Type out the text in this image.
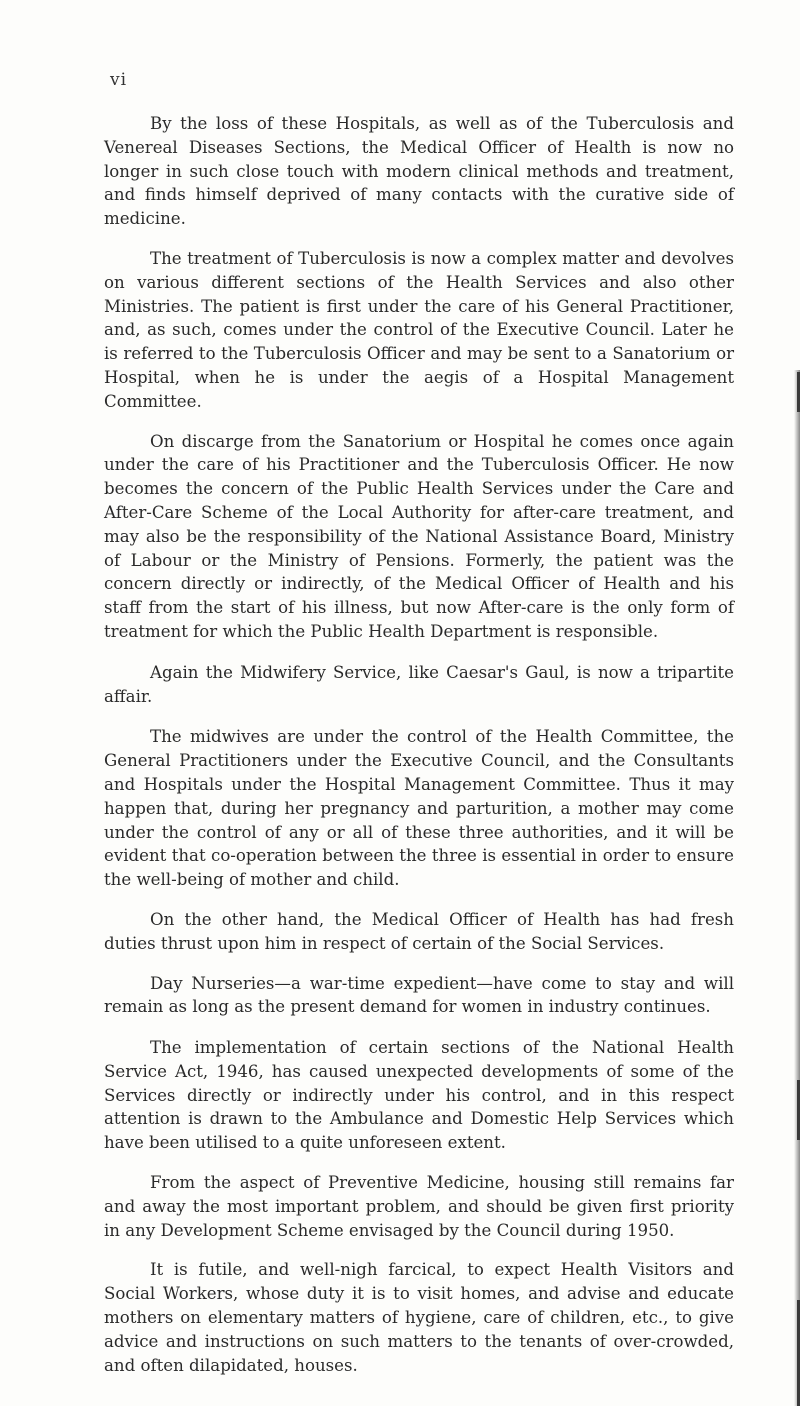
vi

By the loss of these Hospitals, as well as of the Tuberculosis and Venereal Diseases Sections, the Medical Officer of Health is now no longer in such close touch with modern clinical methods and treatment, and finds himself deprived of many contacts with the curative side of medicine.

The treatment of Tuberculosis is now a complex matter and devolves on various different sections of the Health Services and also other Ministries. The patient is first under the care of his General Practitioner, and, as such, comes under the control of the Executive Council. Later he is referred to the Tuberculosis Officer and may be sent to a Sanatorium or Hospital, when he is under the aegis of a Hospital Management Committee.

On discarge from the Sanatorium or Hospital he comes once again under the care of his Practitioner and the Tuberculosis Officer. He now becomes the concern of the Public Health Services under the Care and After-Care Scheme of the Local Authority for after-care treatment, and may also be the responsibility of the National Assistance Board, Ministry of Labour or the Ministry of Pensions. Formerly, the patient was the concern directly or indirectly, of the Medical Officer of Health and his staff from the start of his illness, but now After-care is the only form of treatment for which the Public Health Department is responsible.

Again the Midwifery Service, like Caesar's Gaul, is now a tripartite affair.

The midwives are under the control of the Health Committee, the General Practitioners under the Executive Council, and the Consultants and Hospitals under the Hospital Management Committee. Thus it may happen that, during her pregnancy and parturition, a mother may come under the control of any or all of these three authorities, and it will be evident that co-operation between the three is essential in order to ensure the well-being of mother and child.

On the other hand, the Medical Officer of Health has had fresh duties thrust upon him in respect of certain of the Social Services.

Day Nurseries—a war-time expedient—have come to stay and will remain as long as the present demand for women in industry continues.

The implementation of certain sections of the National Health Service Act, 1946, has caused unexpected developments of some of the Services directly or indirectly under his control, and in this respect attention is drawn to the Ambulance and Domestic Help Services which have been utilised to a quite unforeseen extent.

From the aspect of Preventive Medicine, housing still remains far and away the most important problem, and should be given first priority in any Development Scheme envisaged by the Council during 1950.

It is futile, and well-nigh farcical, to expect Health Visitors and Social Workers, whose duty it is to visit homes, and advise and educate mothers on elementary matters of hygiene, care of children, etc., to give advice and instructions on such matters to the tenants of over-crowded, and often dilapidated, houses.
